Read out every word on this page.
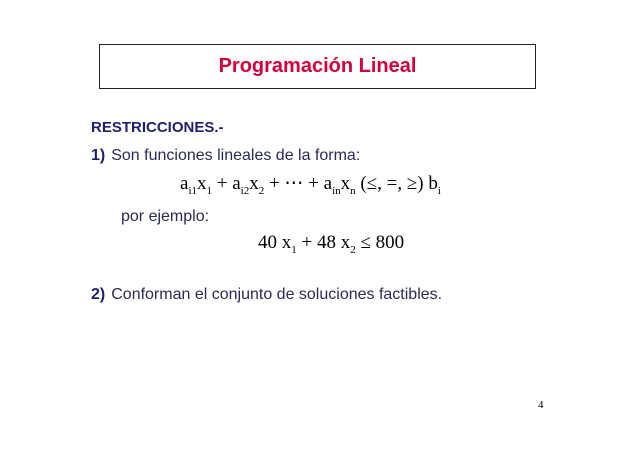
Programación Lineal
RESTRICCIONES.-
1) Son funciones lineales de la forma:
$a_{i1}x_1 + a_{i2}x_2$ + ⋯ + $a_{in}x_n$ (≤, =, ≥) $b_i$
por ejemplo:
40 $x_1 + 48$ $x_2 \le 800$
2) Conforman el conjunto de soluciones factibles.
4
